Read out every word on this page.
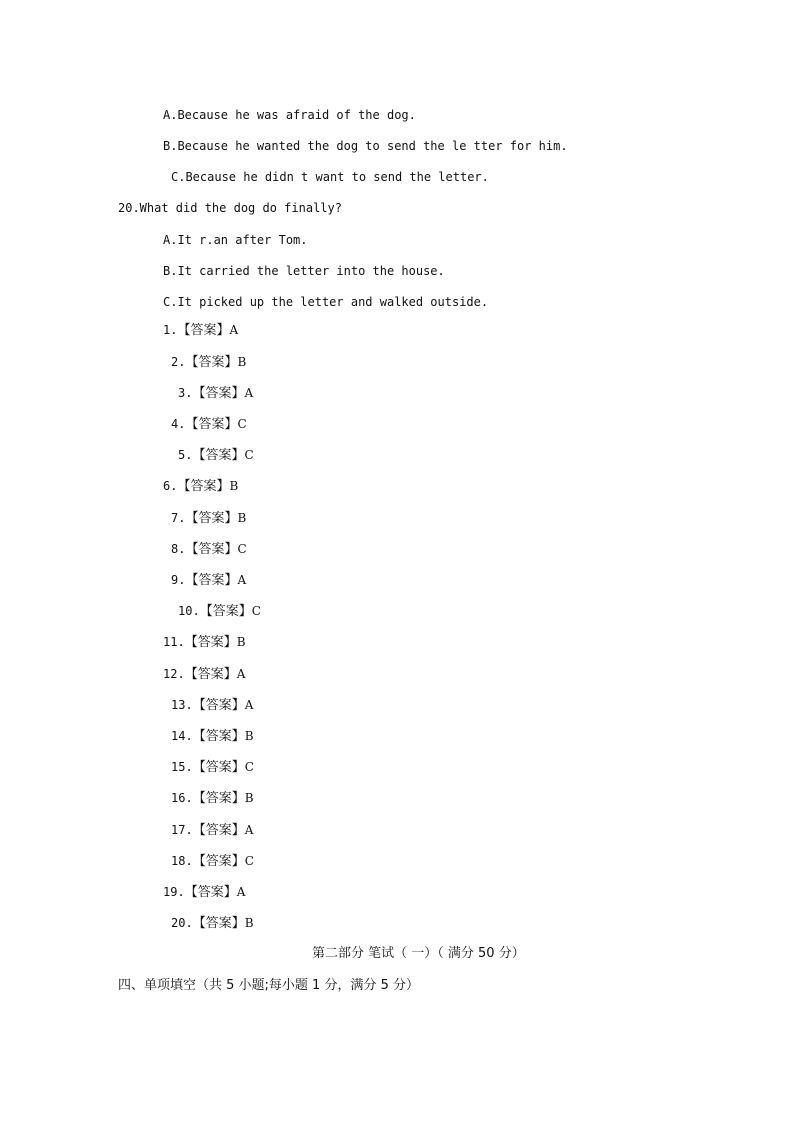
A.Because he was afraid of the dog.
B.Because he wanted the dog to send the le tter for him.
C.Because he didn t want to send the letter.
20.What did the dog do finally?
A.It r.an after Tom.
B.It carried the letter into the house.
C.It picked up the letter and walked outside.
1.【答案】A
2.【答案】B
3.【答案】A
4.【答案】C
5.【答案】C
6.【答案】B
7.【答案】B
8.【答案】C
9.【答案】A
10.【答案】C
11.【答案】B
12.【答案】A
13.【答案】A
14.【答案】B
15.【答案】C
16.【答案】B
17.【答案】A
18.【答案】C
19.【答案】A
20.【答案】B
第二部分 笔试（ 一）（ 满分 50 分）
四、单项填空（共 5 小题;每小题 1 分，满分 5 分）
